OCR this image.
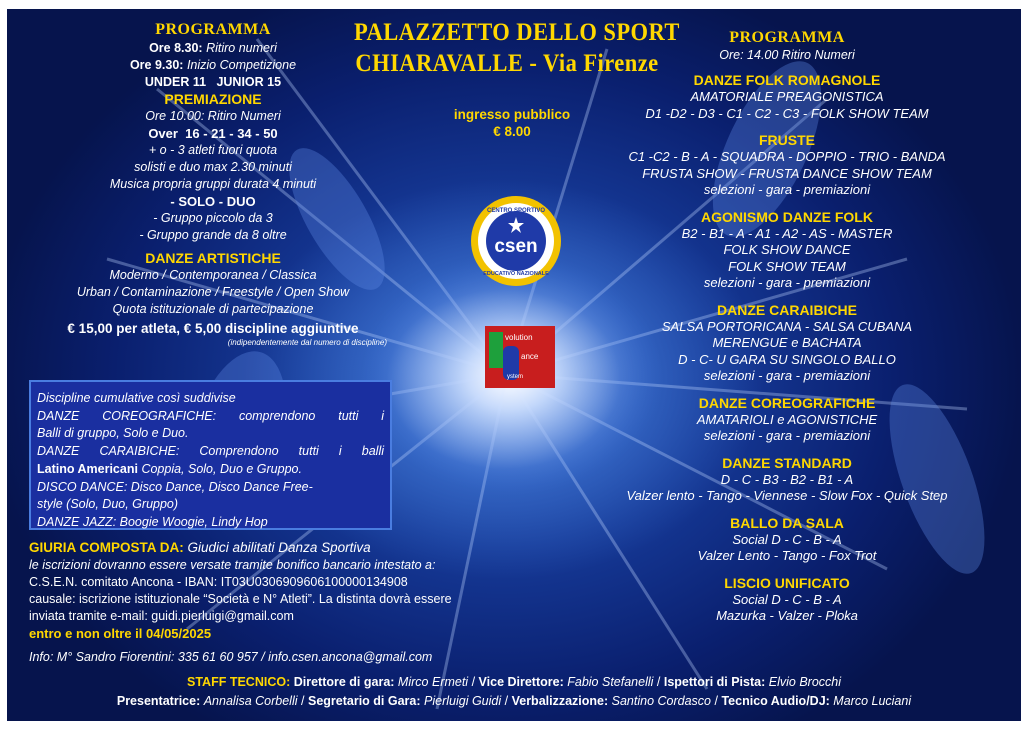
PROGRAMMA
Ore 8.30: Ritiro numeri
Ore 9.30: Inizio Competizione
UNDER 11   JUNIOR 15
PREMIAZIONE
Ore 10.00: Ritiro Numeri
Over  16 - 21 - 34 - 50
+ o - 3 atleti fuori quota
solisti e duo max 2.30 minuti
Musica propria gruppi durata 4 minuti
- SOLO - DUO
- Gruppo piccolo da 3
- Gruppo grande da 8 oltre
DANZE ARTISTICHE
Moderno / Contemporanea / Classica
Urban / Contaminazione / Freestyle / Open Show
Quota istituzionale di partecipazione
€ 15,00 per atleta, € 5,00 discipline aggiuntive
(indipendentemente dal numero di discipline)
Discipline cumulative così suddivise
DANZE COREOGRAFICHE: comprendono tutti i
Balli di gruppo, Solo e Duo.
DANZE CARAIBICHE: Comprendono tutti i balli
Latino Americani Coppia, Solo, Duo e Gruppo.
DISCO DANCE: Disco Dance, Disco Dance Free-
style (Solo, Duo, Gruppo)
DANZE JAZZ: Boogie Woogie, Lindy Hop
GIURIA COMPOSTA DA: Giudici abilitati Danza Sportiva
le iscrizioni dovranno essere versate tramite bonifico bancario intestato a:
C.S.E.N. comitato Ancona - IBAN: IT03U0306909606100000134908
causale: iscrizione istituzionale “Società e N° Atleti”. La distinta dovrà essere
inviata tramite e-mail: guidi.pierluigi@gmail.com
entro e non oltre il 04/05/2025
Info: M° Sandro Fiorentini: 335 61 60 957 / info.csen.ancona@gmail.com
PALAZZETTO DELLO SPORT
CHIARAVALLE - Via Firenze
ingresso pubblico
€ 8.00
csen
CENTRO SPORTIVO
EDUCATIVO NAZIONALE
volution
ance
ystem
PROGRAMMA
Ore: 14.00 Ritiro Numeri
DANZE FOLK ROMAGNOLE
AMATORIALE PREAGONISTICA
D1 -D2 - D3 - C1 - C2 - C3 - FOLK SHOW TEAM
FRUSTE
C1 -C2 - B - A - SQUADRA - DOPPIO - TRIO - BANDA
FRUSTA SHOW - FRUSTA DANCE SHOW TEAM
selezioni - gara - premiazioni
AGONISMO DANZE FOLK
B2 - B1 - A - A1 - A2 - AS - MASTER
FOLK SHOW DANCE
FOLK SHOW TEAM
selezioni - gara - premiazioni
DANZE CARAIBICHE
SALSA PORTORICANA - SALSA CUBANA
MERENGUE e BACHATA
D - C- U GARA SU SINGOLO BALLO
selezioni - gara - premiazioni
DANZE COREOGRAFICHE
AMATARIOLI e AGONISTICHE
selezioni - gara - premiazioni
DANZE STANDARD
D - C - B3 - B2 - B1 - A
Valzer lento - Tango - Viennese - Slow Fox - Quick Step
BALLO DA SALA
Social D - C - B - A
Valzer Lento - Tango - Fox Trot
LISCIO UNIFICATO
Social D - C - B - A
Mazurka - Valzer - Ploka
STAFF TECNICO: Direttore di gara: Mirco Ermeti / Vice Direttore: Fabio Stefanelli / Ispettori di Pista: Elvio Brocchi
Presentatrice: Annalisa Corbelli / Segretario di Gara: Pierluigi Guidi / Verbalizzazione: Santino Cordasco / Tecnico Audio/DJ: Marco Luciani
